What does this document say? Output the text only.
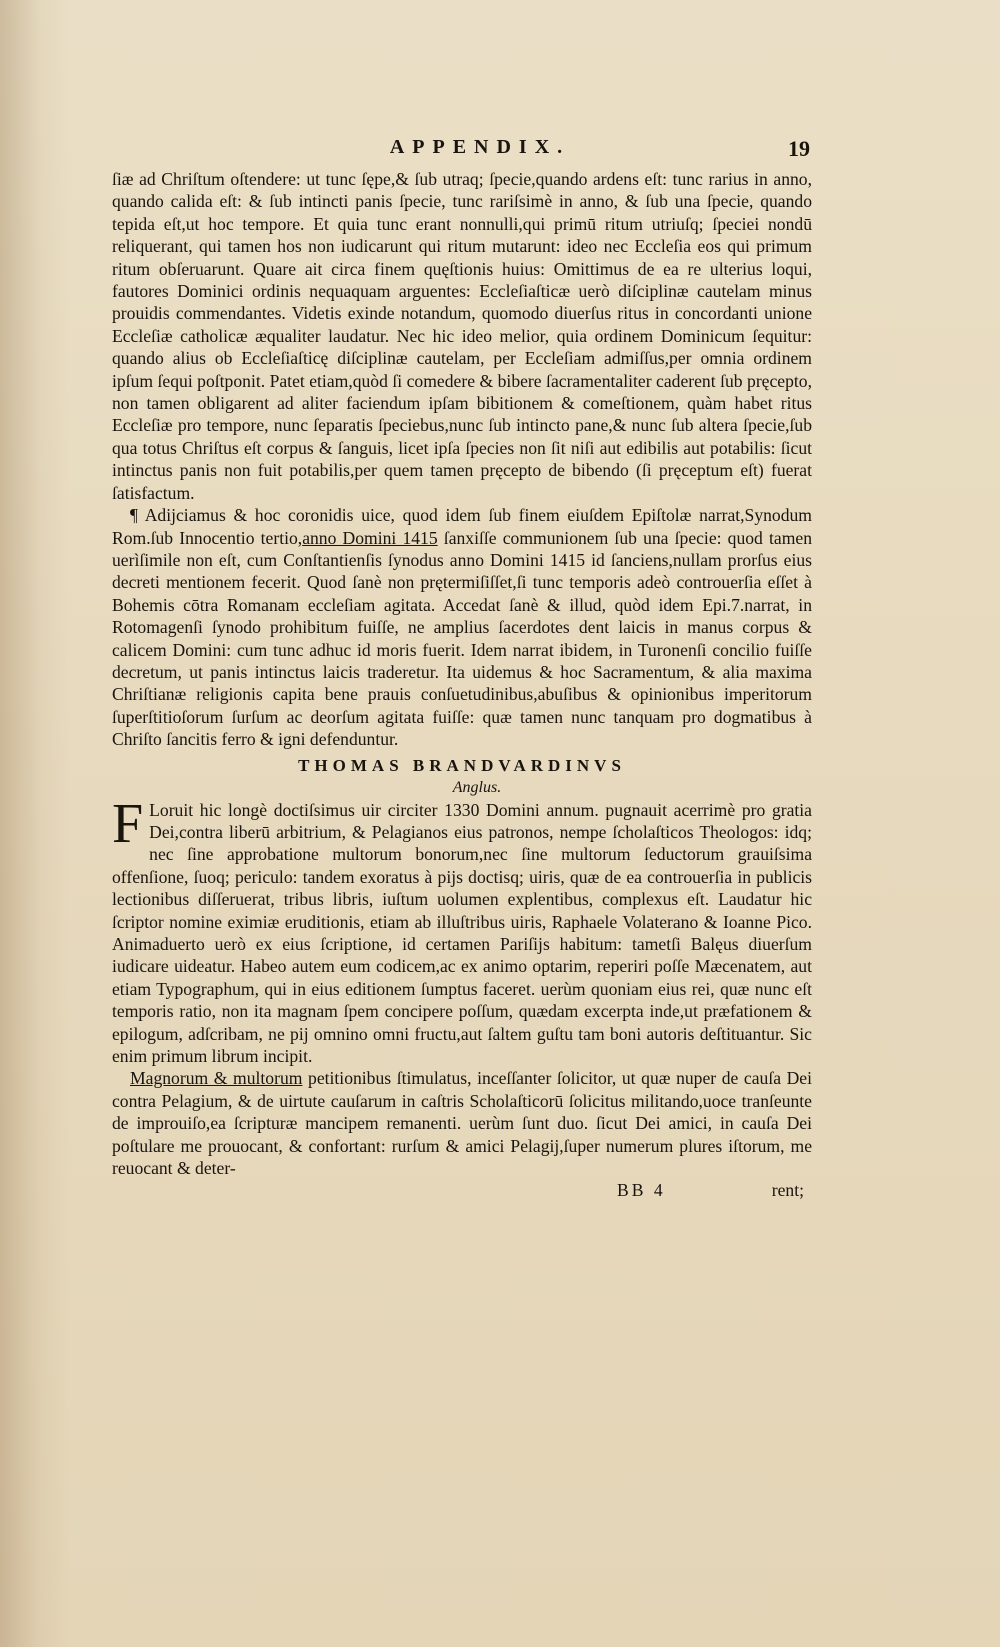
APPENDIX.	19

ſiæ ad Chriſtum oſtendere: ut tunc ſępe,& ſub utraq; ſpecie,quando ardens eſt: tunc rarius in anno, quando calida eſt: & ſub intincti panis ſpecie, tunc rariſsimè in anno, & ſub una ſpecie, quando tepida eſt,ut hoc tempore. Et quia tunc erant nonnulli,qui primū ritum utriuſq; ſpeciei nondū reliquerant, qui tamen hos non iudicarunt qui ritum mutarunt: ideo nec Eccleſia eos qui primum ritum obſeruarunt. Quare ait circa finem quęſtionis huius: Omittimus de ea re ulterius loqui, fautores Dominici ordinis nequaquam arguentes: Eccleſiaſticæ uerò diſciplinæ cautelam minus prouidis commendantes. Videtis exinde notandum, quomodo diuerſus ritus in concordanti unione Eccleſiæ catholicæ æqualiter laudatur. Nec hic ideo melior, quia ordinem Dominicum ſequitur: quando alius ob Eccleſiaſticę diſciplinæ cautelam, per Eccleſiam admiſſus,per omnia ordinem ipſum ſequi poſtponit. Patet etiam,quòd ſi comedere & bibere ſacramentaliter caderent ſub pręcepto, non tamen obligarent ad aliter faciendum ipſam bibitionem & comeſtionem, quàm habet ritus Eccleſiæ pro tempore, nunc ſeparatis ſpeciebus,nunc ſub intincto pane,& nunc ſub altera ſpecie,ſub qua totus Chriſtus eſt corpus & ſanguis, licet ipſa ſpecies non ſit niſi aut edibilis aut potabilis: ſicut intinctus panis non fuit potabilis,per quem tamen pręcepto de bibendo (ſi pręceptum eſt) fuerat ſatisfactum.

¶ Adijciamus & hoc coronidis uice, quod idem ſub finem eiuſdem Epiſtolæ narrat,Synodum Rom.ſub Innocentio tertio,anno Domini 1415 ſanxiſſe communionem ſub una ſpecie: quod tamen uerìſimile non eſt, cum Conſtantienſis ſynodus anno Domini 1415 id ſanciens,nullam prorſus eius decreti mentionem fecerit. Quod ſanè non prętermiſiſſet,ſi tunc temporis adeò controuerſia eſſet à Bohemis cōtra Romanam eccleſiam agitata. Accedat ſanè & illud, quòd idem Epi.7.narrat, in Rotomagenſi ſynodo prohibitum fuiſſe, ne amplius ſacerdotes dent laicis in manus corpus & calicem Domini: cum tunc adhuc id moris fuerit. Idem narrat ibidem, in Turonenſi concilio fuiſſe decretum, ut panis intinctus laicis traderetur. Ita uidemus & hoc Sacramentum, & alia maxima Chriſtianæ religionis capita bene prauis conſuetudinibus,abuſibus & opinionibus imperitorum ſuperſtitioſorum ſurſum ac deorſum agitata fuiſſe: quæ tamen nunc tanquam pro dogmatibus à Chriſto ſancitis ferro & igni defenduntur.

THOMAS BRANDVARDINVS
Anglus.

F Loruit hic longè doctiſsimus uir circiter 1330 Domini annum. pugnauit acerrimè pro gratia Dei,contra liberū arbitrium, & Pelagianos eius patronos, nempe ſcholaſticos Theologos: idq; nec ſine approbatione multorum bonorum,nec ſine multorum ſeductorum grauiſsima offenſione, ſuoq; periculo: tandem exoratus à pijs doctisq; uiris, quæ de ea controuerſia in publicis lectionibus diſſeruerat, tribus libris, iuſtum uolumen explentibus, complexus eſt. Laudatur hic ſcriptor nomine eximiæ eruditionis, etiam ab illuſtribus uiris, Raphaele Volaterano & Ioanne Pico. Animaduerto uerò ex eius ſcriptione, id certamen Pariſijs habitum: tametſi Balęus diuerſum iudicare uideatur. Habeo autem eum codicem,ac ex animo optarim, reperiri poſſe Mæcenatem, aut etiam Typographum, qui in eius editionem ſumptus faceret. uerùm quoniam eius rei, quæ nunc eſt temporis ratio, non ita magnam ſpem concipere poſſum, quædam excerpta inde,ut præfationem & epilogum, adſcribam, ne pij omnino omni fructu,aut ſaltem guſtu tam boni autoris deſtituantur. Sic enim primum librum incipit.

Magnorum & multorum petitionibus ſtimulatus, inceſſanter ſolicitor, ut quæ nuper de cauſa Dei contra Pelagium, & de uirtute cauſarum in caſtris Scholaſticorū ſolicitus militando,uoce tranſeunte de improuiſo,ea ſcripturæ mancipem remanenti. uerùm ſunt duo. ſicut Dei amici, in cauſa Dei poſtulare me prouocant, & confortant: rurſum & amici Pelagij,ſuper numerum plures iſtorum, me reuocant & deter-

BB 4	rent;
